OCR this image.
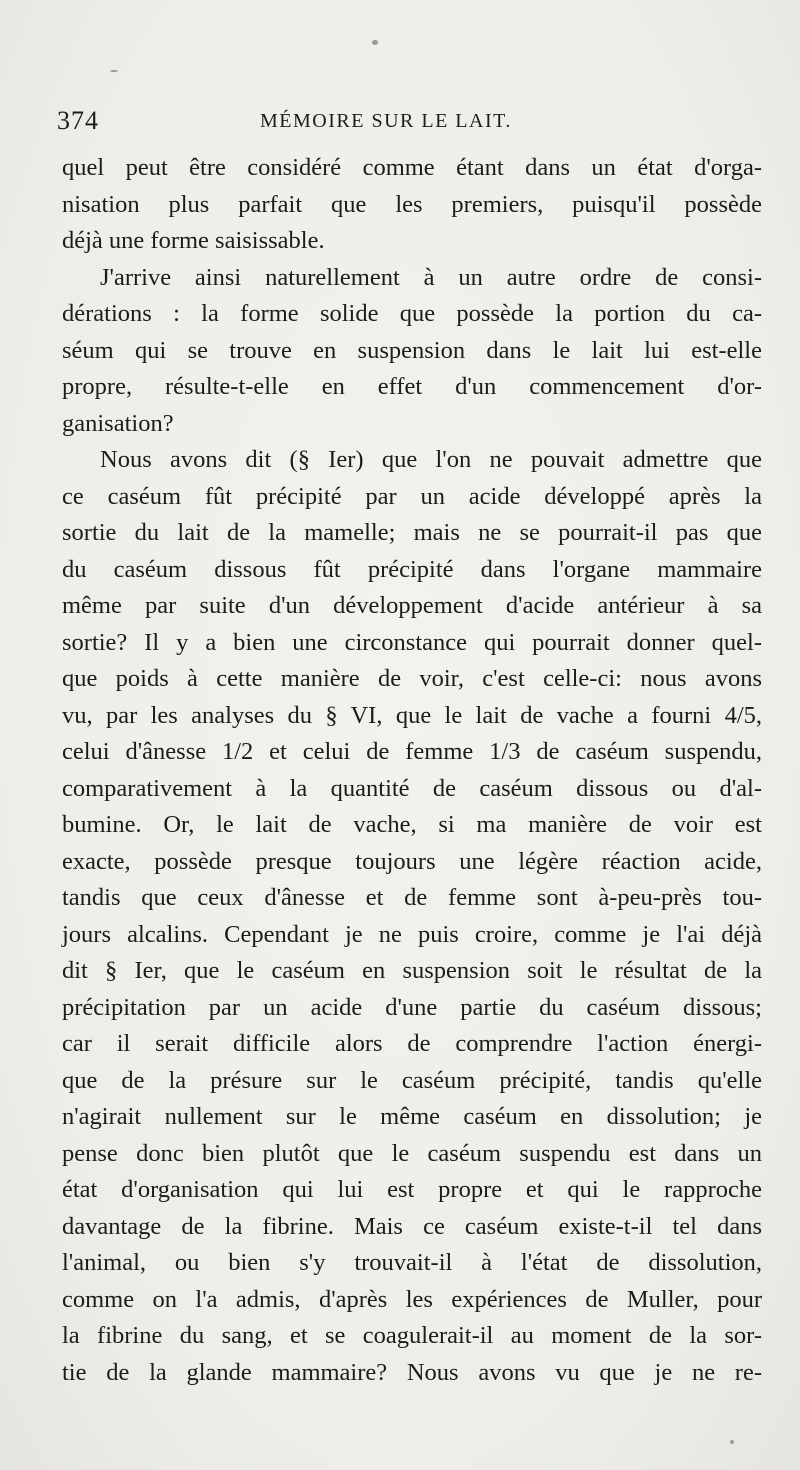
374	MÉMOIRE SUR LE LAIT.
quel peut être considéré comme étant dans un état d'orga-
nisation plus parfait que les premiers, puisqu'il possède
déjà une forme saisissable.
J'arrive ainsi naturellement à un autre ordre de consi-
dérations : la forme solide que possède la portion du ca-
séum qui se trouve en suspension dans le lait lui est-elle
propre, résulte-t-elle en effet d'un commencement d'or-
ganisation?
Nous avons dit (§ Ier) que l'on ne pouvait admettre que
ce caséum fût précipité par un acide développé après la
sortie du lait de la mamelle; mais ne se pourrait-il pas que
du caséum dissous fût précipité dans l'organe mammaire
même par suite d'un développement d'acide antérieur à sa
sortie? Il y a bien une circonstance qui pourrait donner quel-
que poids à cette manière de voir, c'est celle-ci: nous avons
vu, par les analyses du § VI, que le lait de vache a fourni 4/5,
celui d'ânesse 1/2 et celui de femme 1/3 de caséum suspendu,
comparativement à la quantité de caséum dissous ou d'al-
bumine. Or, le lait de vache, si ma manière de voir est
exacte, possède presque toujours une légère réaction acide,
tandis que ceux d'ânesse et de femme sont à-peu-près tou-
jours alcalins. Cependant je ne puis croire, comme je l'ai déjà
dit § Ier, que le caséum en suspension soit le résultat de la
précipitation par un acide d'une partie du caséum dissous;
car il serait difficile alors de comprendre l'action énergi-
que de la présure sur le caséum précipité, tandis qu'elle
n'agirait nullement sur le même caséum en dissolution; je
pense donc bien plutôt que le caséum suspendu est dans un
état d'organisation qui lui est propre et qui le rapproche
davantage de la fibrine. Mais ce caséum existe-t-il tel dans
l'animal, ou bien s'y trouvait-il à l'état de dissolution,
comme on l'a admis, d'après les expériences de Muller, pour
la fibrine du sang, et se coagulerait-il au moment de la sor-
tie de la glande mammaire? Nous avons vu que je ne re-
